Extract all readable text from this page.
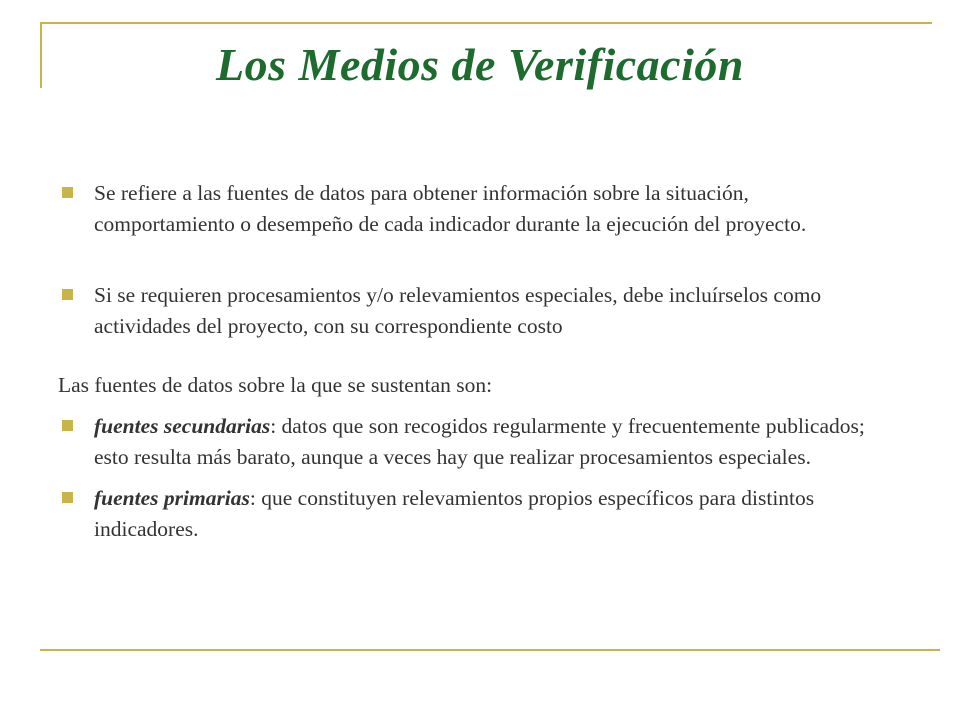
Los Medios de Verificación

Se refiere a las fuentes de datos para obtener información sobre la situación, comportamiento o desempeño de cada indicador durante la ejecución del proyecto.

Si se requieren procesamientos y/o relevamientos especiales, debe incluírselos como actividades del proyecto, con su correspondiente costo

Las fuentes de datos sobre la que se sustentan son:

fuentes secundarias: datos que son recogidos regularmente y frecuentemente publicados; esto resulta más barato, aunque a veces hay que realizar procesamientos especiales.

fuentes primarias: que constituyen relevamientos propios específicos para distintos indicadores.
